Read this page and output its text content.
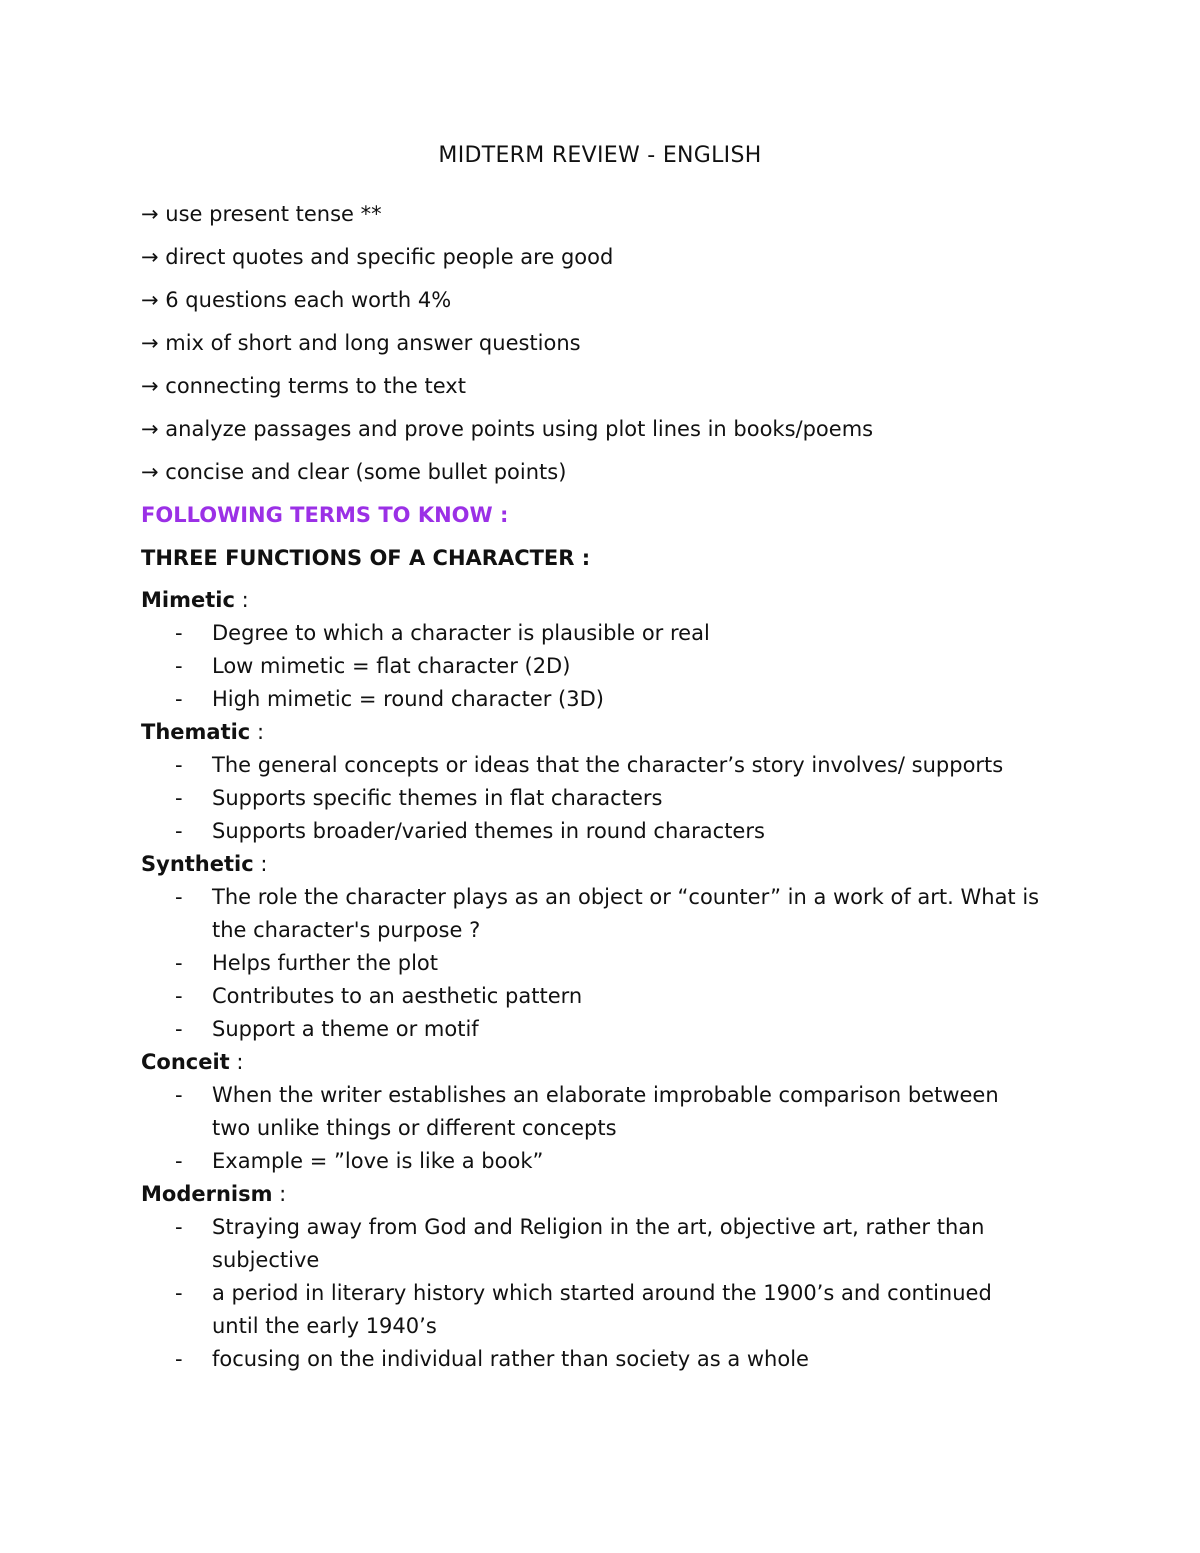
MIDTERM REVIEW - ENGLISH
→ use present tense **
→ direct quotes and specific people are good
→ 6 questions each worth 4%
→ mix of short and long answer questions
→ connecting terms to the text
→ analyze passages and prove points using plot lines in books/poems
→ concise and clear (some bullet points)
FOLLOWING TERMS TO KNOW :
THREE FUNCTIONS OF A CHARACTER :
Mimetic :
- Degree to which a character is plausible or real
- Low mimetic = flat character (2D)
- High mimetic = round character (3D)
Thematic :
- The general concepts or ideas that the character’s story involves/ supports
- Supports specific themes in flat characters
- Supports broader/varied themes in round characters
Synthetic :
- The role the character plays as an object or “counter” in a work of art. What is the character's purpose ?
- Helps further the plot
- Contributes to an aesthetic pattern
- Support a theme or motif
Conceit :
- When the writer establishes an elaborate improbable comparison between two unlike things or different concepts
- Example = ”love is like a book”
Modernism :
- Straying away from God and Religion in the art, objective art, rather than subjective
- a period in literary history which started around the 1900’s and continued until the early 1940’s
- focusing on the individual rather than society as a whole
